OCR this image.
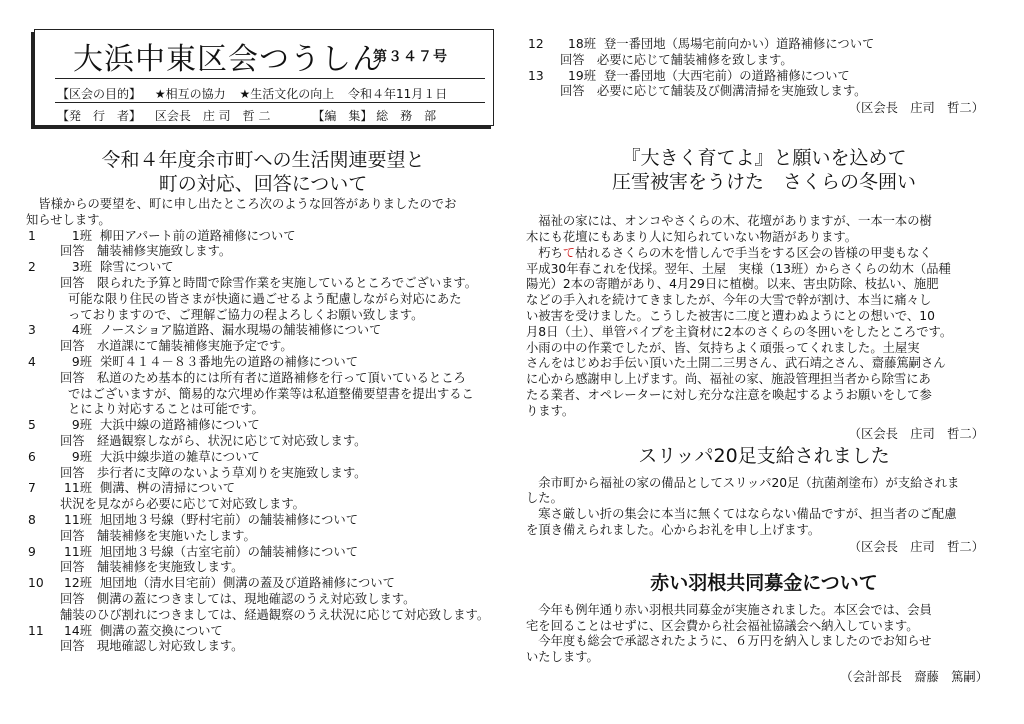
大浜中東区会つうしん
第３４７号
【区会の目的】 ★相互の協力 ★生活文化の向上 令和４年11月１日
【発　行　者】 区会長　庄 司　哲 二	【編　集】 総　務　部
令和４年度余市町への生活関連要望と
町の対応、回答について
皆様からの要望を、町に申し出たところ次のような回答がありましたのでお
知らせします。
1	1班 柳田アパート前の道路補修について
回答　舗装補修実施致します。
2	3班 除雪について
回答　限られた予算と時間で除雪作業を実施しているところでございます。
可能な限り住民の皆さまが快適に過ごせるよう配慮しながら対応にあた
っておりますので、ご理解ご協力の程よろしくお願い致します。
3	4班 ノースショア脇道路、漏水現場の舗装補修について
回答　水道課にて舗装補修実施予定です。
4	9班 栄町４１４－８３番地先の道路の補修について
回答　私道のため基本的には所有者に道路補修を行って頂いているところ
ではございますが、簡易的な穴埋め作業等は私道整備要望書を提出するこ
とにより対応することは可能です。
5	9班 大浜中線の道路補修について
回答　経過観察しながら、状況に応じて対応致します。
6	9班 大浜中線歩道の雑草について
回答　歩行者に支障のないよう草刈りを実施致します。
7	11班 側溝、桝の清掃について
状況を見ながら必要に応じて対応致します。
8	11班 旭団地３号線（野村宅前）の舗装補修について
回答　舗装補修を実施いたします。
9	11班 旭団地３号線（古室宅前）の舗装補修について
回答　舗装補修を実施致します。
10	12班 旭団地（清水目宅前）側溝の蓋及び道路補修について
回答　側溝の蓋につきましては、現地確認のうえ対応致します。
舗装のひび割れにつきましては、経過観察のうえ状況に応じて対応致します。
11	14班 側溝の蓋交換について
回答　現地確認し対応致します。
12	18班 登一番団地（馬場宅前向かい）道路補修について
回答　必要に応じて舗装補修を致します。
13	19班 登一番団地（大西宅前）の道路補修について
回答　必要に応じて舗装及び側溝清掃を実施致します。
（区会長　庄司　哲二）
『大きく育てよ』と願いを込めて
圧雪被害をうけた　さくらの冬囲い
福祉の家には、オンコやさくらの木、花壇がありますが、一本一本の樹
木にも花壇にもあまり人に知られていない物語があります。
朽ちて枯れるさくらの木を惜しんで手当をする区会の皆様の甲斐もなく
平成30年春これを伐採。翌年、土屋　実様（13班）からさくらの幼木（品種
陽光）2本の寄贈があり、4月29日に植樹。以来、害虫防除、枝払い、施肥
などの手入れを続けてきましたが、今年の大雪で幹が割け、本当に痛々し
い被害を受けました。こうした被害に二度と遭わぬようにとの想いで、10
月8日（土）、単管パイプを主資材に2本のさくらの冬囲いをしたところです。
小雨の中の作業でしたが、皆、気持ちよく頑張ってくれました。土屋実
さんをはじめお手伝い頂いた土開二三男さん、武石靖之さん、齋藤篤嗣さん
に心から感謝申し上げます。尚、福祉の家、施設管理担当者から除雪にあ
たる業者、オペレーターに対し充分な注意を喚起するようお願いをして参
ります。
（区会長　庄司　哲二）
スリッパ20足支給されました
余市町から福祉の家の備品としてスリッパ20足（抗菌剤塗布）が支給されま
した。
寒さ厳しい折の集会に本当に無くてはならない備品ですが、担当者のご配慮
を頂き備えられました。心からお礼を申し上げます。
（区会長　庄司　哲二）
赤い羽根共同募金について
今年も例年通り赤い羽根共同募金が実施されました。本区会では、会員
宅を回ることはせずに、区会費から社会福祉協議会へ納入しています。
今年度も総会で承認されたように、６万円を納入しましたのでお知らせ
いたします。
（会計部長　齋藤　篤嗣）
